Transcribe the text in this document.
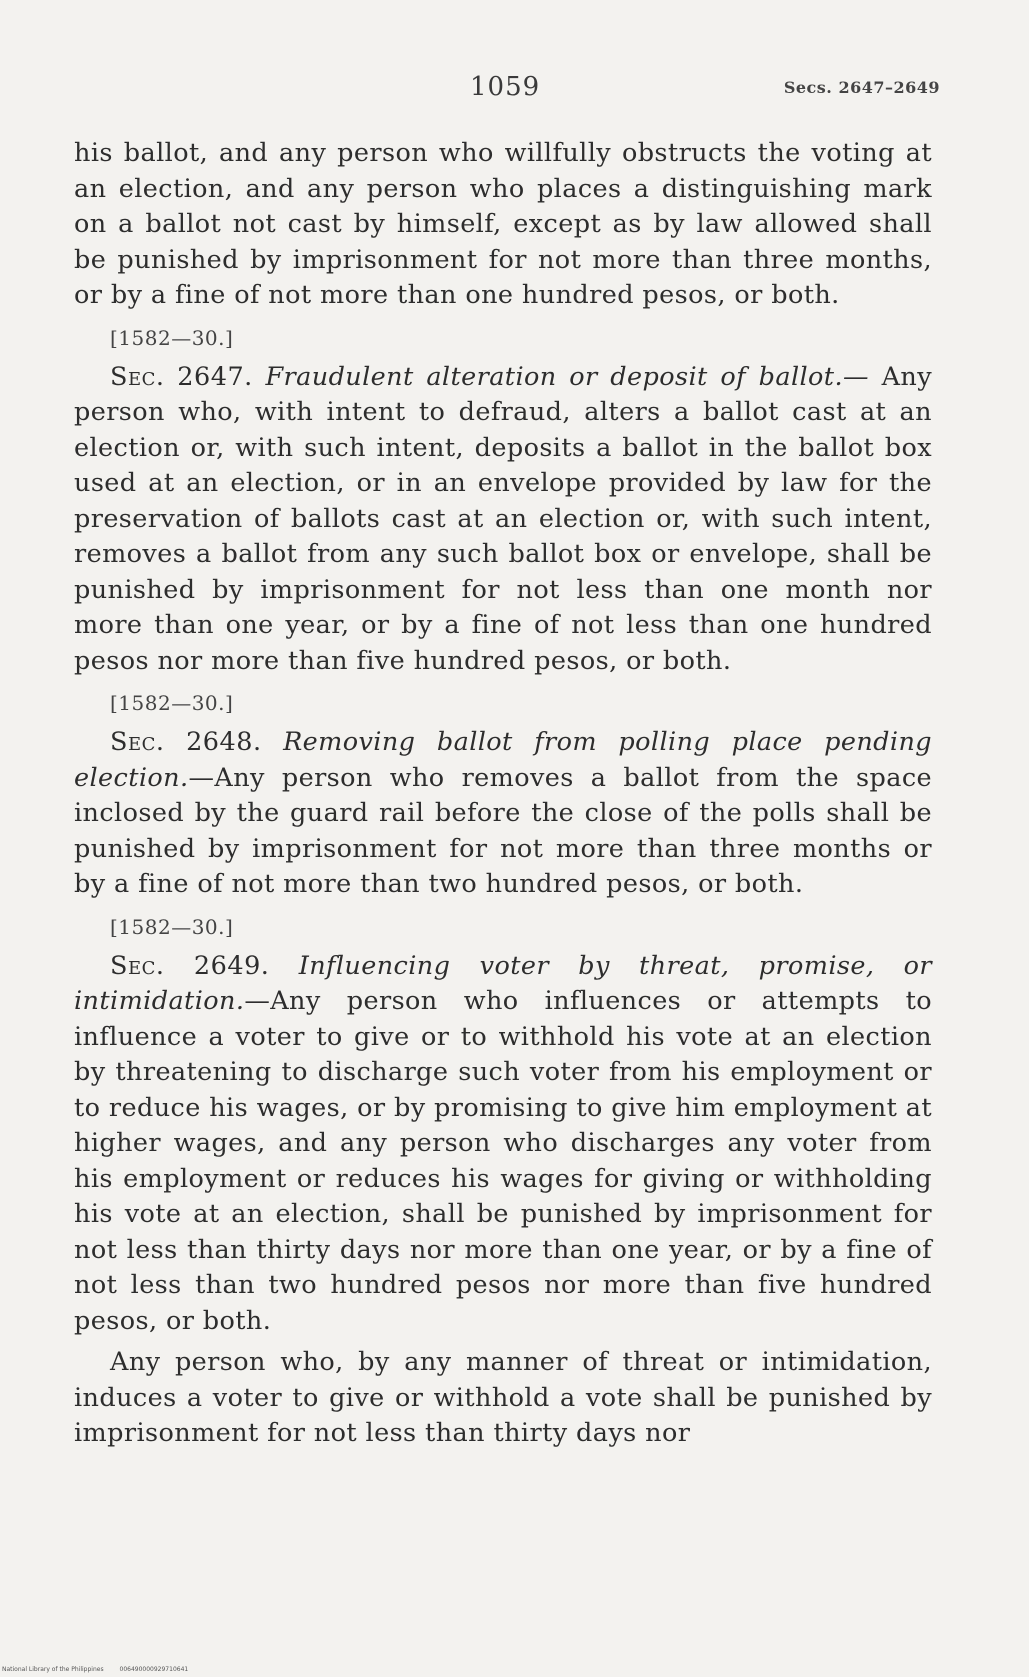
1059	Secs. 2647–2649

his ballot, and any person who willfully obstructs the voting at an election, and any person who places a distinguishing mark on a ballot not cast by himself, except as by law allowed shall be punished by imprisonment for not more than three months, or by a fine of not more than one hundred pesos, or both.

[1582—30.]

Sec. 2647. Fraudulent alteration or deposit of ballot.— Any person who, with intent to defraud, alters a ballot cast at an election or, with such intent, deposits a ballot in the ballot box used at an election, or in an envelope provided by law for the preservation of ballots cast at an election or, with such intent, removes a ballot from any such ballot box or envelope, shall be punished by imprisonment for not less than one month nor more than one year, or by a fine of not less than one hundred pesos nor more than five hundred pesos, or both.

[1582—30.]

Sec. 2648. Removing ballot from polling place pending election.—Any person who removes a ballot from the space inclosed by the guard rail before the close of the polls shall be punished by imprisonment for not more than three months or by a fine of not more than two hundred pesos, or both.

[1582—30.]

Sec. 2649. Influencing voter by threat, promise, or intimidation.—Any person who influences or attempts to influence a voter to give or to withhold his vote at an election by threatening to discharge such voter from his employment or to reduce his wages, or by promising to give him employment at higher wages, and any person who discharges any voter from his employment or reduces his wages for giving or withholding his vote at an election, shall be punished by imprisonment for not less than thirty days nor more than one year, or by a fine of not less than two hundred pesos nor more than five hundred pesos, or both.

Any person who, by any manner of threat or intimidation, induces a voter to give or withhold a vote shall be punished by imprisonment for not less than thirty days nor

National Library of the Philippines	006490000929710641
